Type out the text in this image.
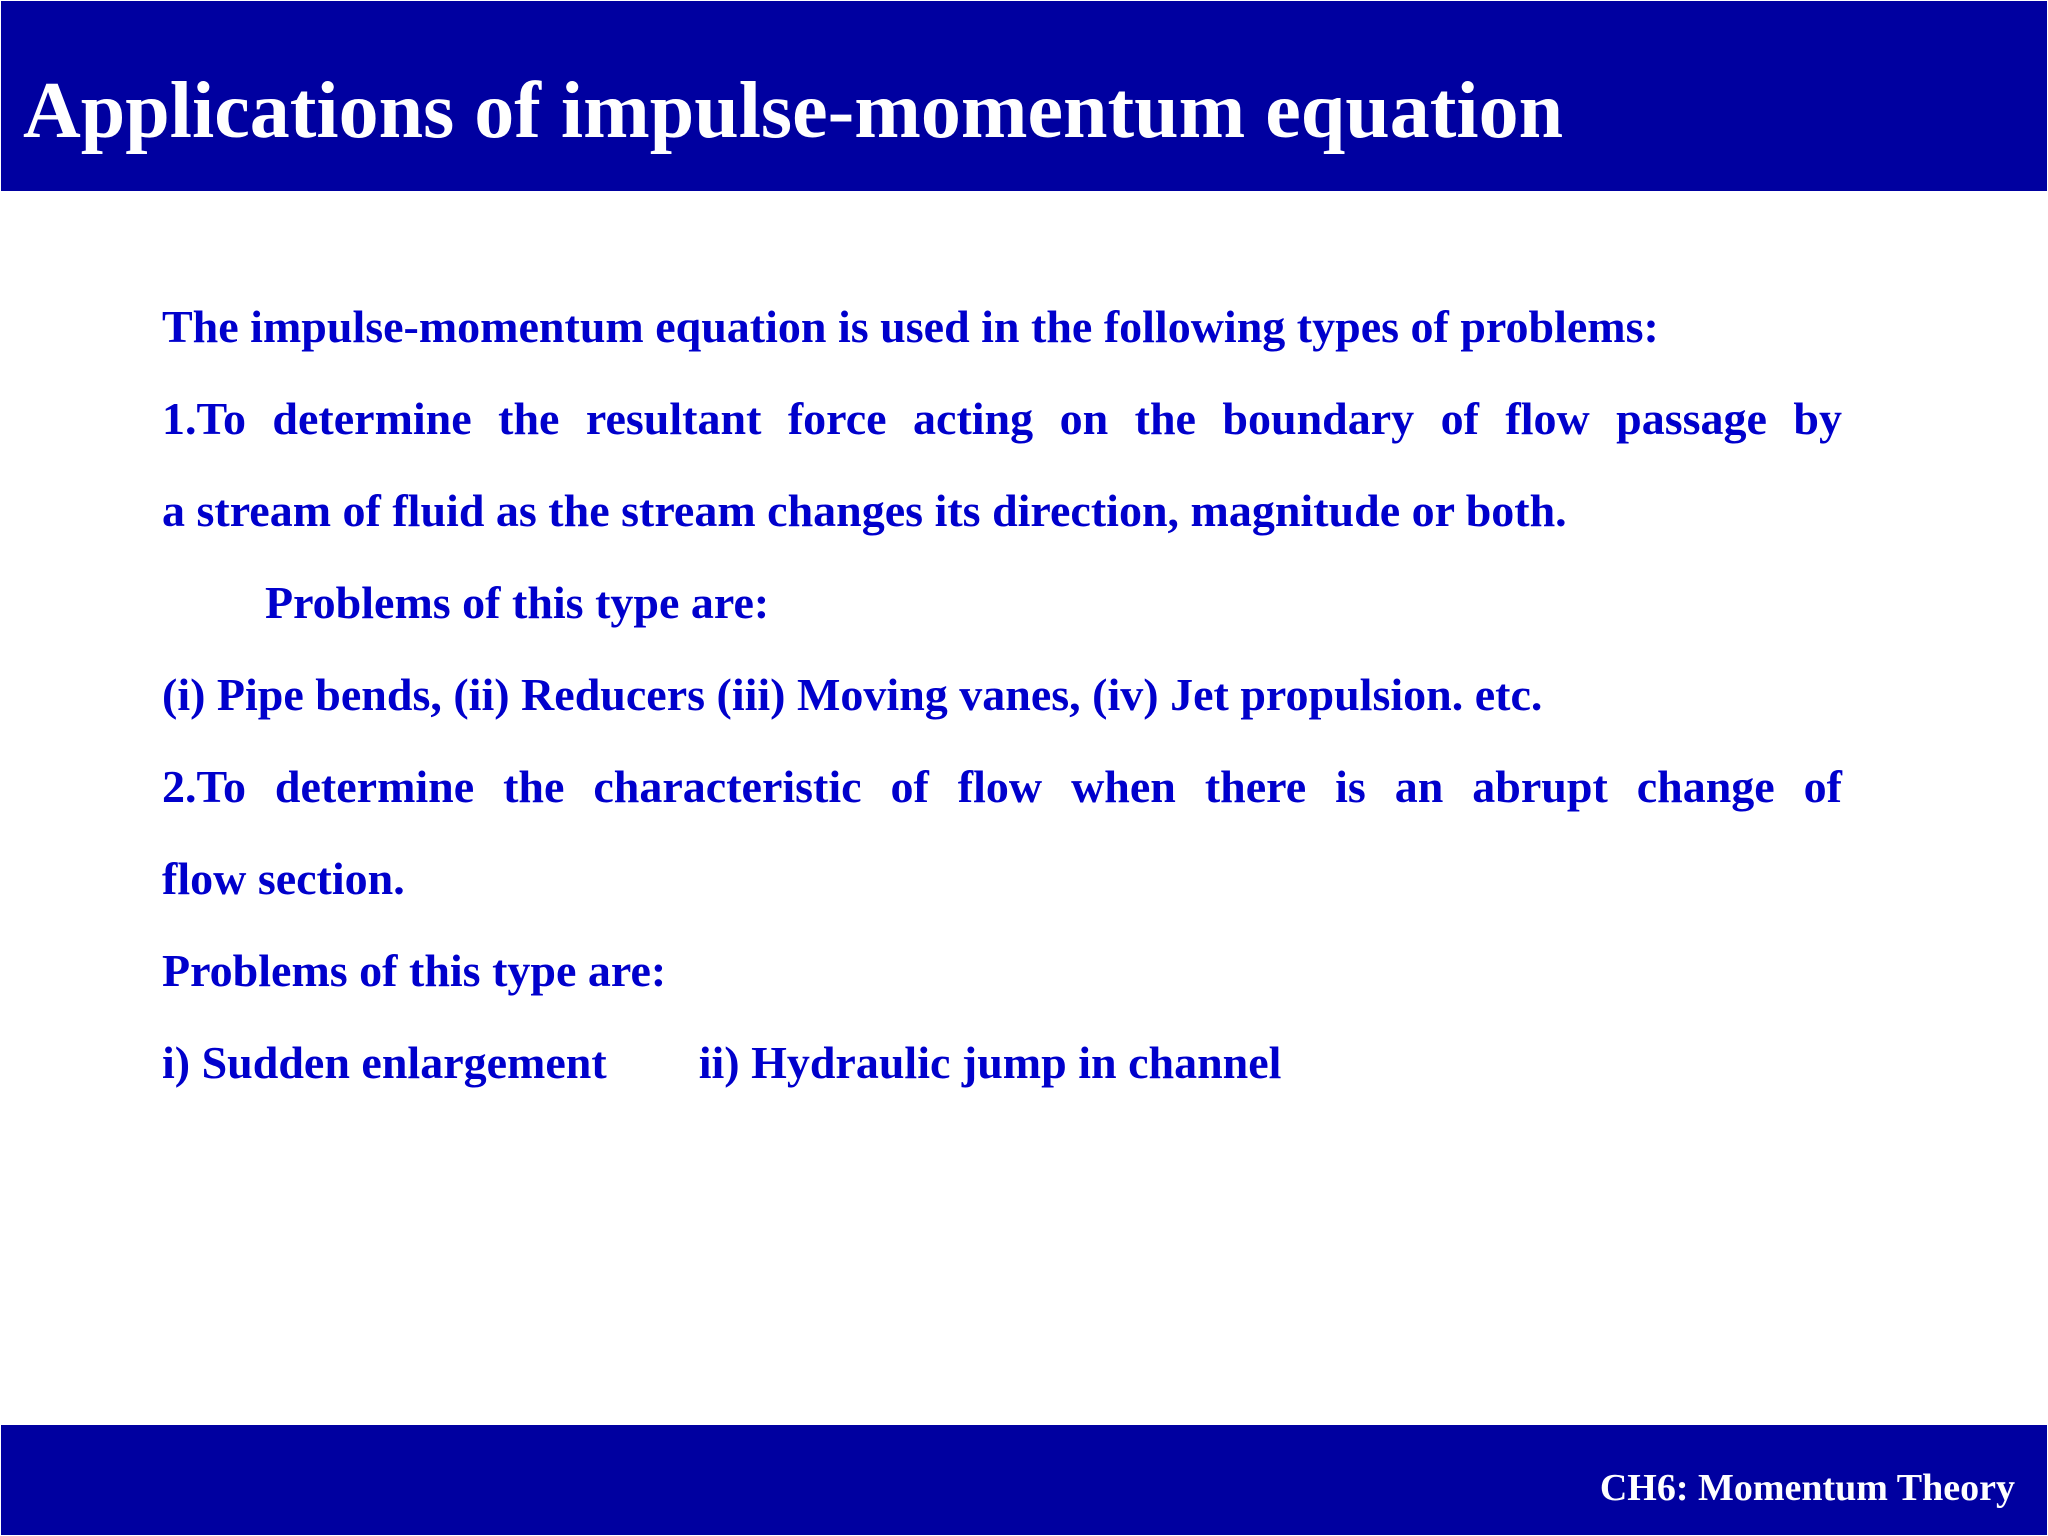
Applications of impulse-momentum equation

The impulse-momentum equation is used in the following types of problems:

1.To determine the resultant force acting on the boundary of flow passage by

a stream of fluid as the stream changes its direction, magnitude or both.

Problems of this type are:

(i) Pipe bends, (ii) Reducers (iii) Moving vanes, (iv) Jet propulsion. etc.

2.To determine the characteristic of flow when there is an abrupt change of

flow section.

Problems of this type are:

i) Sudden enlargement ii) Hydraulic jump in channel

CH6: Momentum Theory
